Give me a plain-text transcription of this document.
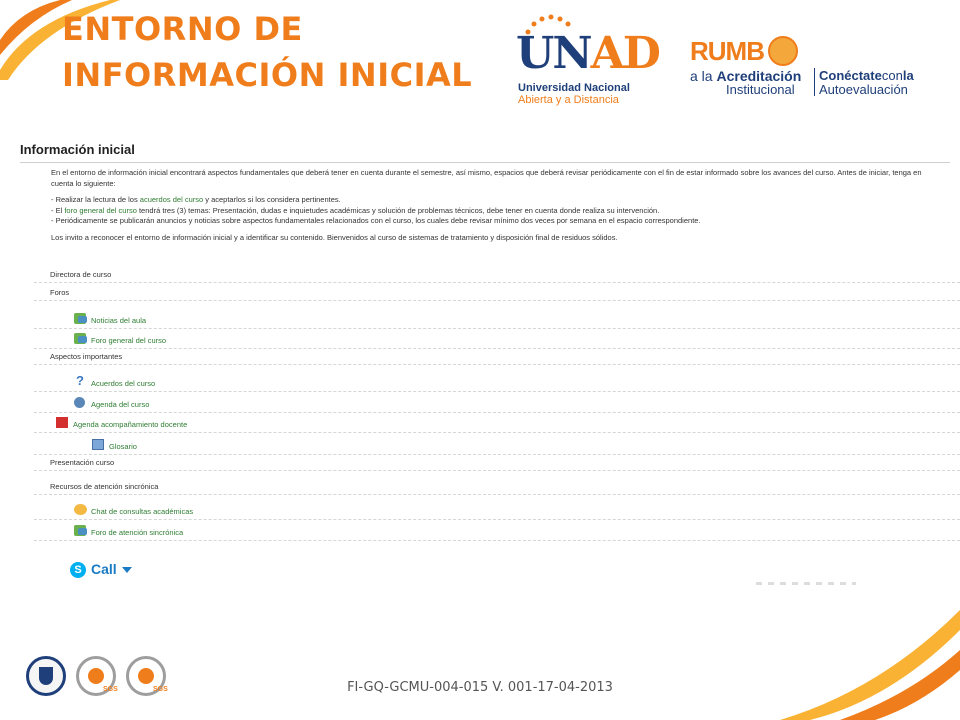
ENTORNO DE
INFORMACIÓN INICIAL UNAD
Universidad Nacional
Abierta y a Distancia
RUMB
a la Acreditación
Institucional
Conéctateconla
Autoevaluación
Información inicial

En el entorno de información inicial encontrará aspectos fundamentales que deberá tener en cuenta durante el semestre, así mismo, espacios que deberá revisar periódicamente con el fin de estar informado sobre los avances del curso. Antes de iniciar, tenga en cuenta lo siguiente:

- Realizar la lectura de los acuerdos del curso y aceptarlos si los considera pertinentes.
- El foro general del curso tendrá tres (3) temas: Presentación, dudas e inquietudes académicas y solución de problemas técnicos, debe tener en cuenta donde realiza su intervención.

- Periódicamente se publicarán anuncios y noticias sobre aspectos fundamentales relacionados con el curso, los cuales debe revisar mínimo dos veces por semana en el espacio correspondiente.

Los invito a reconocer el entorno de información inicial y a identificar su contenido. Bienvenidos al curso de sistemas de tratamiento y disposición final de residuos sólidos.

Directora de curso
Foros
Noticias del aula
Foro general del curso
Aspectos importantes
? Acuerdos del curso
Agenda del curso
Agenda acompañamiento docente
Glosario
Presentación curso
Recursos de atención sincrónica
Chat de consultas académicas
Foro de atención sincrónica
S Call
SGS	SGS	FI-GQ-GCMU-004-015 V. 001-17-04-2013
